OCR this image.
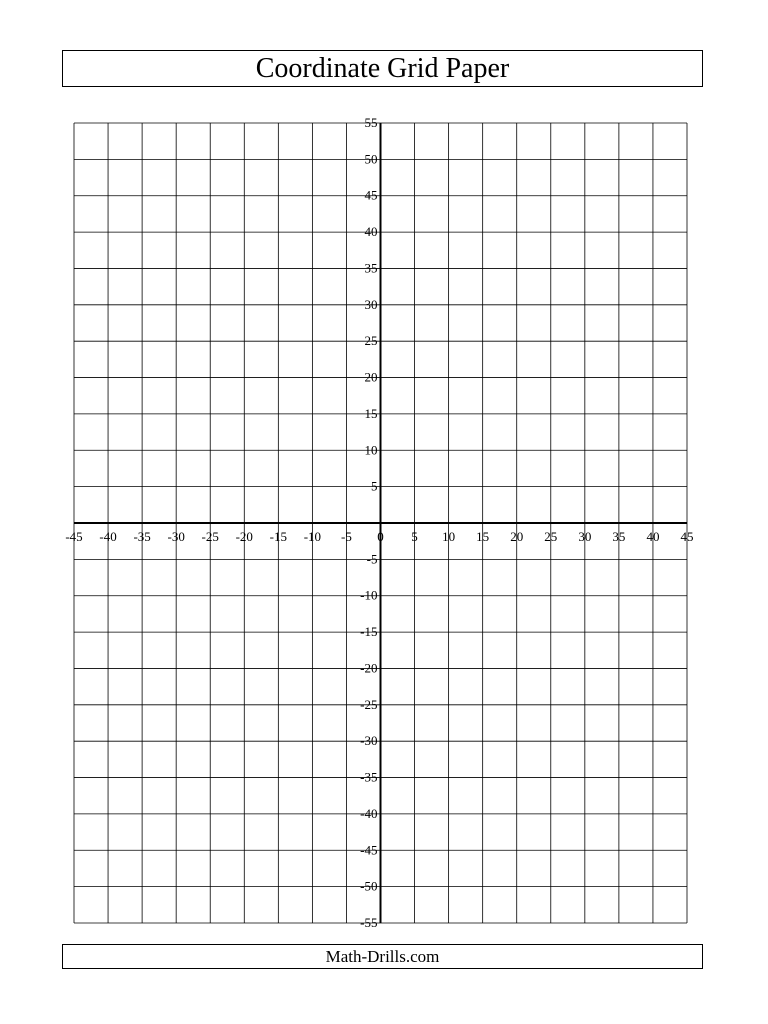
Coordinate Grid Paper
-45 -40 -35 -30 -25 -20 -15 -10 -5 0 5 10 15 20 25 30 35 40 45
55
50
45
40
35
30
25
20
15
10
5
-5
-10
-15
-20
-25
-30
-35
-40
-45
-50
-55
Math-Drills.com
